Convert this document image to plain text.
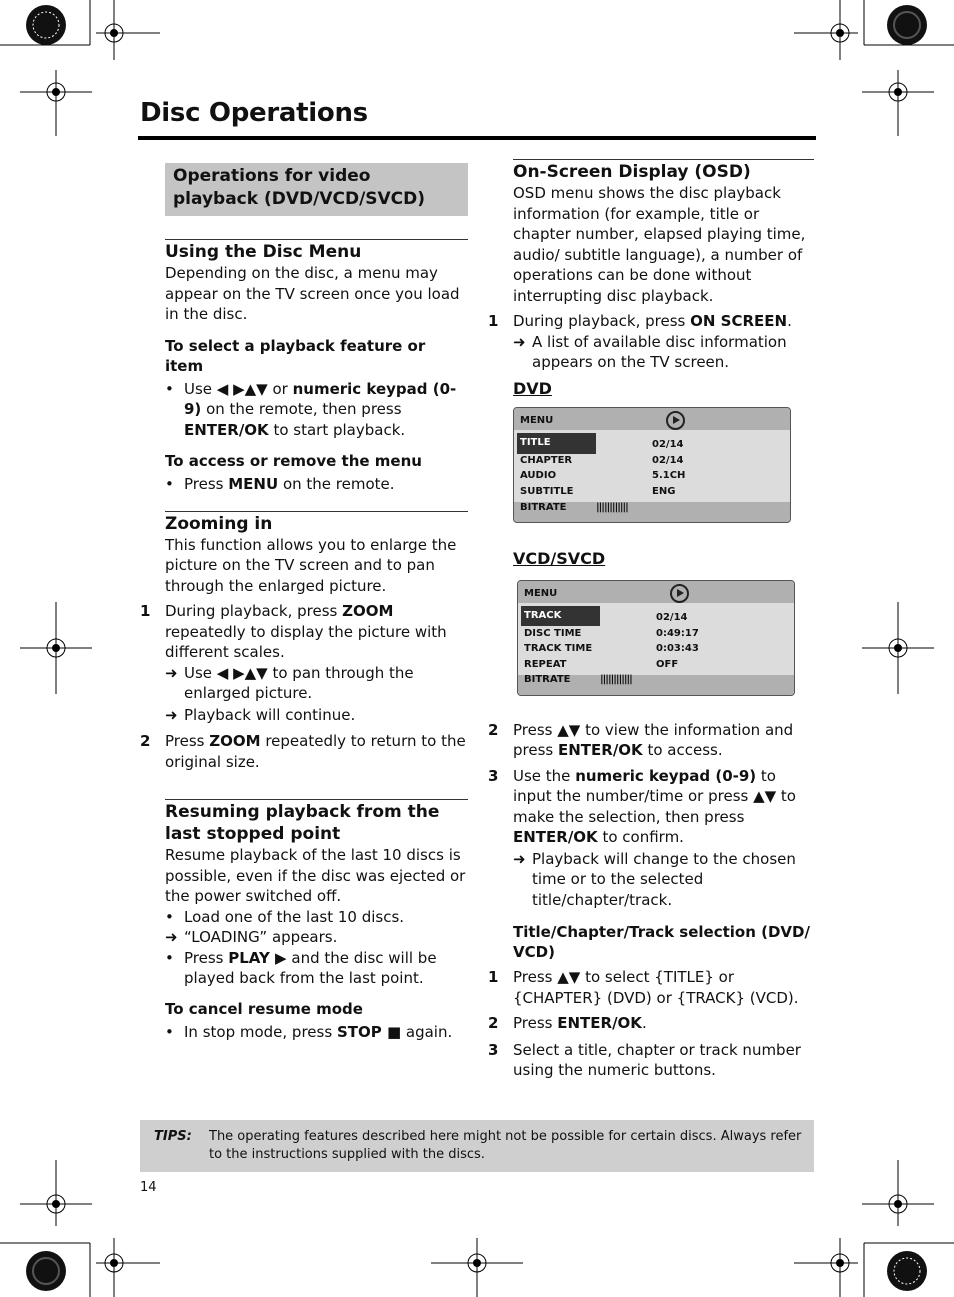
Disc Operations
Operations for video playback (DVD/VCD/SVCD)
Using the Disc Menu
Depending on the disc, a menu may appear on the TV screen once you load in the disc.
To select a playback feature or item
• Use ◀ ▶▲▼ or numeric keypad (0-9) on the remote, then press ENTER/OK to start playback.
To access or remove the menu
• Press MENU on the remote.
Zooming in
This function allows you to enlarge the picture on the TV screen and to pan through the enlarged picture.
1 During playback, press ZOOM repeatedly to display the picture with different scales.
➜ Use ◀ ▶▲▼ to pan through the enlarged picture.
➜ Playback will continue.
2 Press ZOOM repeatedly to return to the original size.
Resuming playback from the last stopped point
Resume playback of the last 10 discs is possible, even if the disc was ejected or the power switched off.
• Load one of the last 10 discs.
➜ “LOADING” appears.
• Press PLAY ▶ and the disc will be played back from the last point.
To cancel resume mode
• In stop mode, press STOP ■ again.
On-Screen Display (OSD)
OSD menu shows the disc playback information (for example, title or chapter number, elapsed playing time, audio/ subtitle language), a number of operations can be done without interrupting disc playback.
1 During playback, press ON SCREEN.
➜ A list of available disc information appears on the TV screen.
DVD
MENU
TITLE	02/14
CHAPTER	02/14
AUDIO	5.1CH
SUBTITLE	ENG
BITRATE	||||||||||||
VCD/SVCD
MENU
TRACK	02/14
DISC TIME	0:49:17
TRACK TIME	0:03:43
REPEAT	OFF
BITRATE	||||||||||||
2 Press ▲▼ to view the information and press ENTER/OK to access.
3 Use the numeric keypad (0-9) to input the number/time or press ▲▼ to make the selection, then press ENTER/OK to confirm.
➜ Playback will change to the chosen time or to the selected title/chapter/track.
Title/Chapter/Track selection (DVD/ VCD)
1 Press ▲▼ to select {TITLE} or {CHAPTER} (DVD) or {TRACK} (VCD).
2 Press ENTER/OK.
3 Select a title, chapter or track number using the numeric buttons.
TIPS: The operating features described here might not be possible for certain discs. Always refer to the instructions supplied with the discs.
14
